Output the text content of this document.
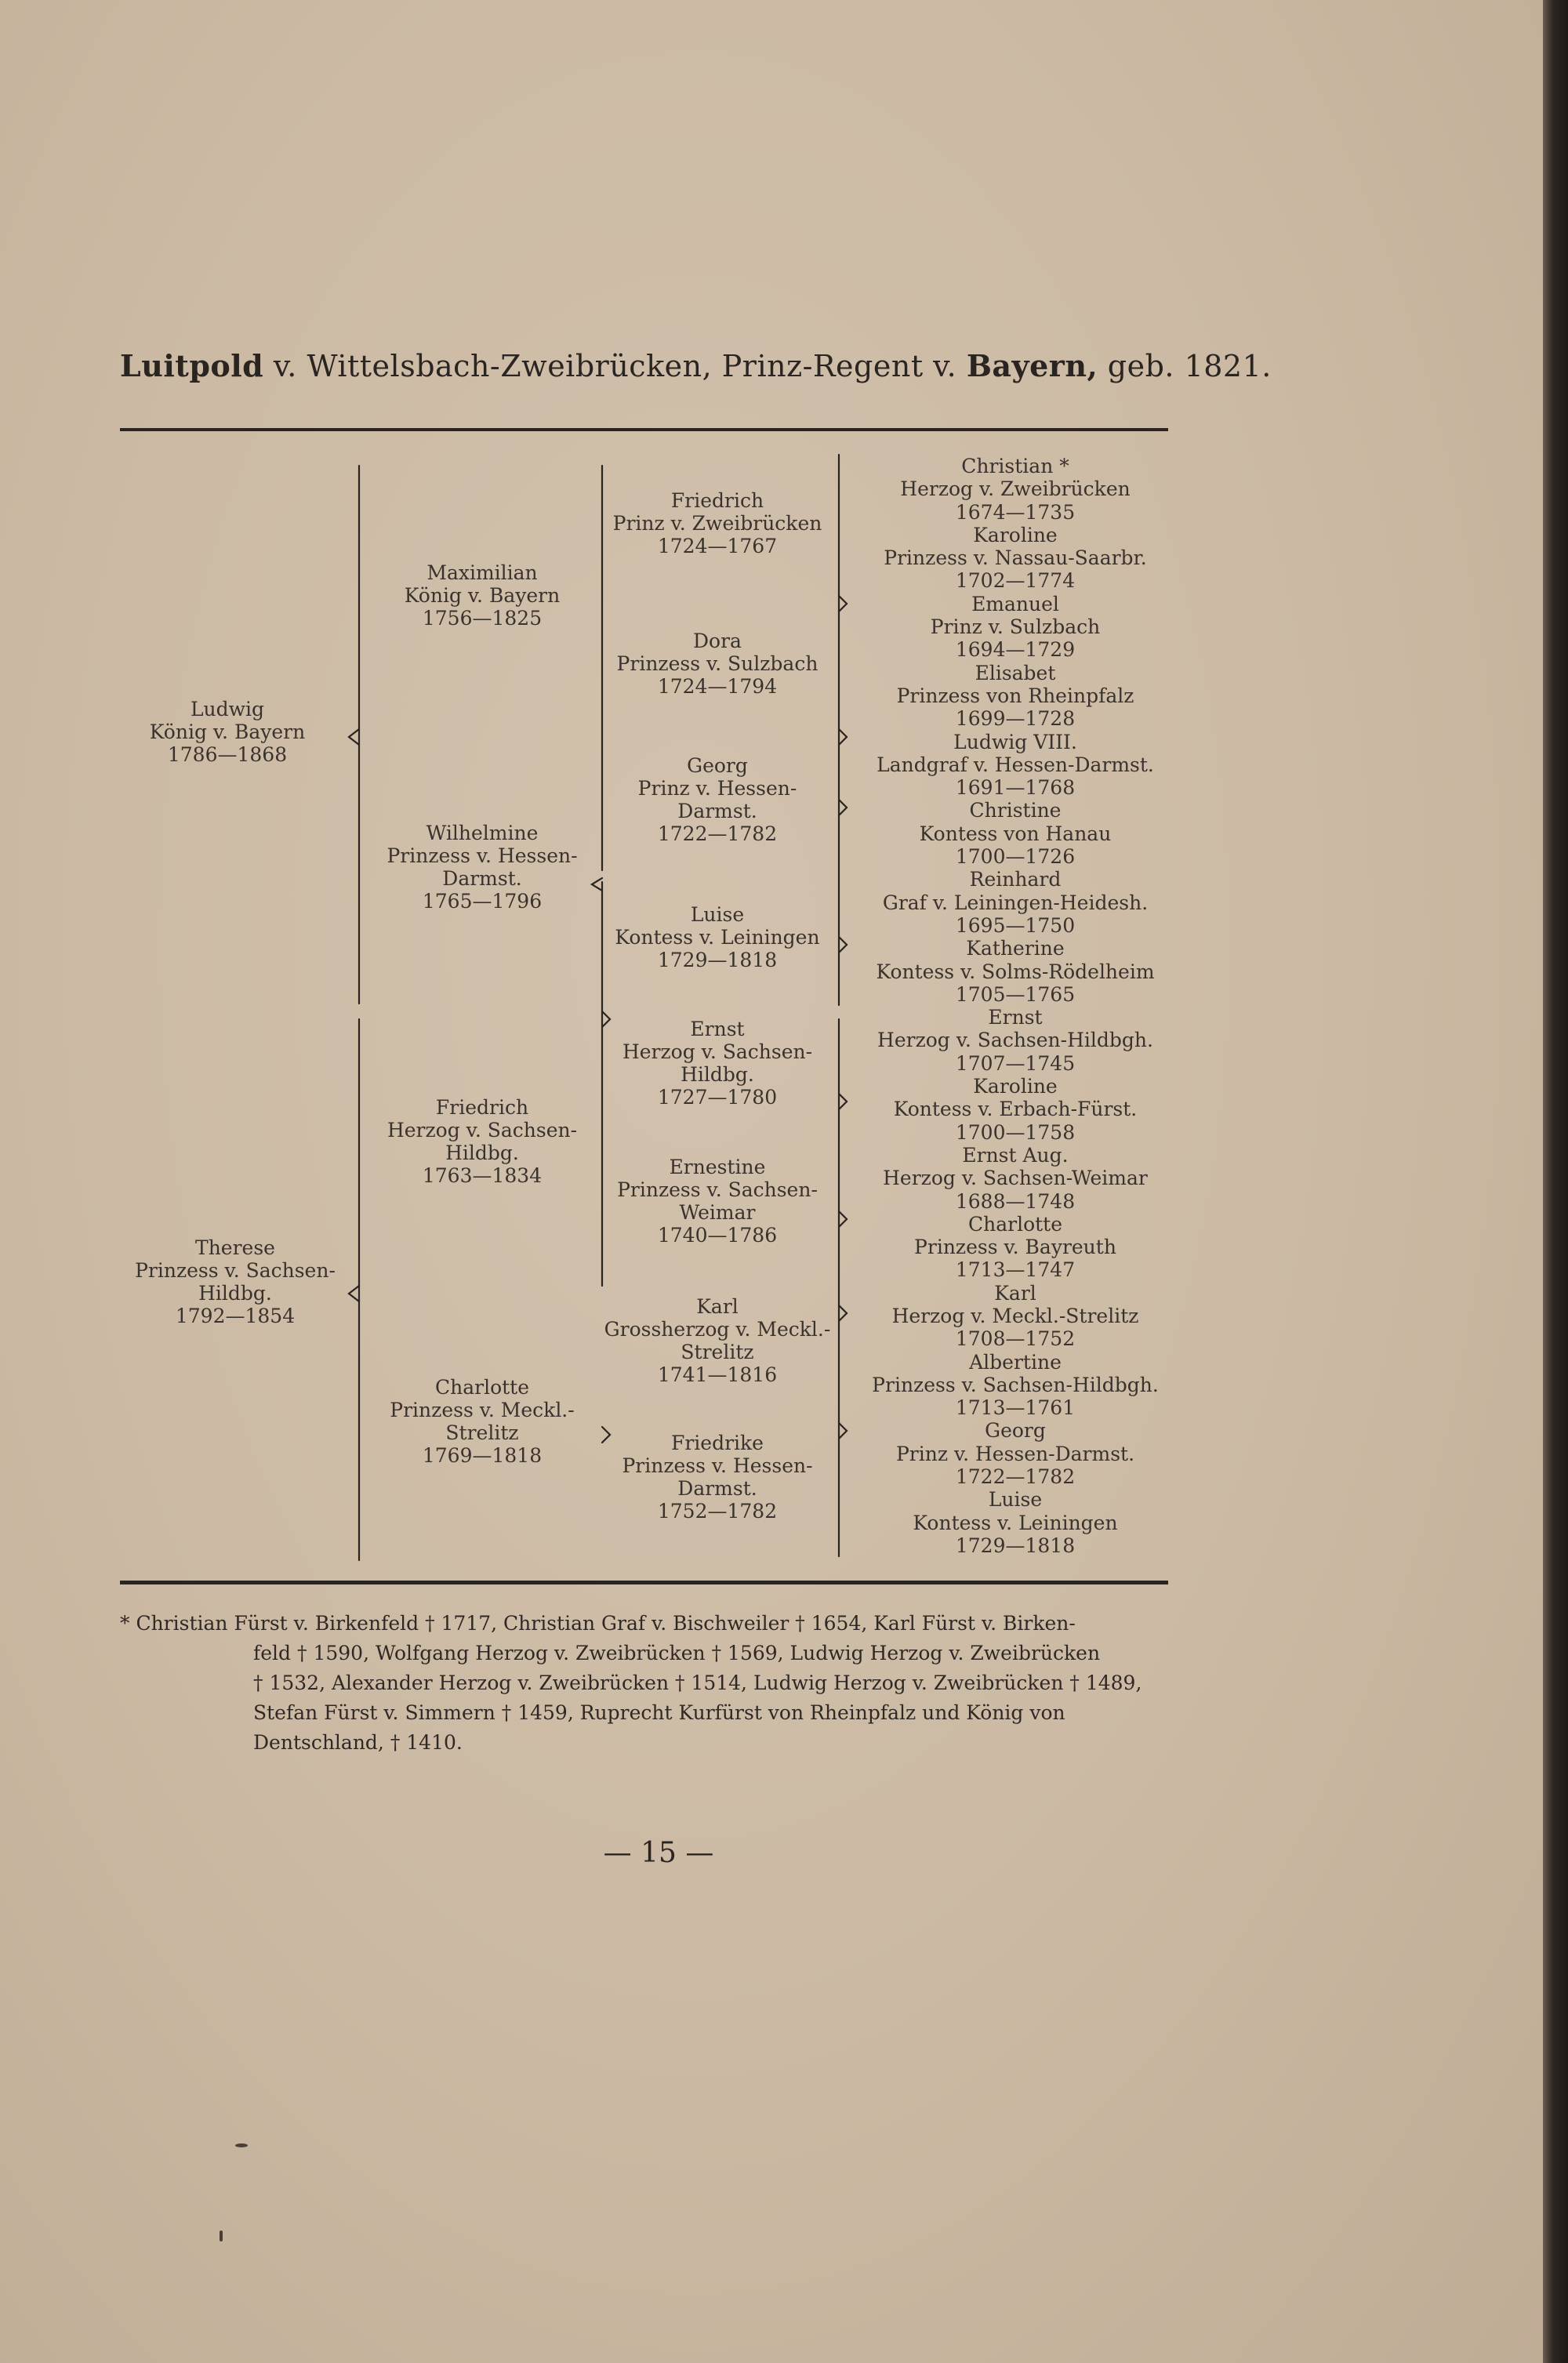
Luitpold v. Wittelsbach-Zweibrücken, Prinz-Regent v. Bayern, geb. 1821.
Ludwig
König v. Bayern
1786—1868
Therese
Prinzess v. Sachsen-
Hildbg.
1792—1854
Maximilian
König v. Bayern
1756—1825
Wilhelmine
Prinzess v. Hessen-
Darmst.
1765—1796
Friedrich
Herzog v. Sachsen-
Hildbg.
1763—1834
Charlotte
Prinzess v. Meckl.-
Strelitz
1769—1818
Friedrich
Prinz v. Zweibrücken
1724—1767
Dora
Prinzess v. Sulzbach
1724—1794
Georg
Prinz v. Hessen-
Darmst.
1722—1782
Luise
Kontess v. Leiningen
1729—1818
Ernst
Herzog v. Sachsen-
Hildbg.
1727—1780
Ernestine
Prinzess v. Sachsen-
Weimar
1740—1786
Karl
Grossherzog v. Meckl.-
Strelitz
1741—1816
Friedrike
Prinzess v. Hessen-
Darmst.
1752—1782
Christian *
Herzog v. Zweibrücken
1674—1735
Karoline
Prinzess v. Nassau-Saarbr.
1702—1774
Emanuel
Prinz v. Sulzbach
1694—1729
Elisabet
Prinzess von Rheinpfalz
1699—1728
Ludwig VIII.
Landgraf v. Hessen-Darmst.
1691—1768
Christine
Kontess von Hanau
1700—1726
Reinhard
Graf v. Leiningen-Heidesh.
1695—1750
Katherine
Kontess v. Solms-Rödelheim
1705—1765
Ernst
Herzog v. Sachsen-Hildbgh.
1707—1745
Karoline
Kontess v. Erbach-Fürst.
1700—1758
Ernst Aug.
Herzog v. Sachsen-Weimar
1688—1748
Charlotte
Prinzess v. Bayreuth
1713—1747
Karl
Herzog v. Meckl.-Strelitz
1708—1752
Albertine
Prinzess v. Sachsen-Hildbgh.
1713—1761
Georg
Prinz v. Hessen-Darmst.
1722—1782
Luise
Kontess v. Leiningen
1729—1818
* Christian Fürst v. Birkenfeld † 1717, Christian Graf v. Bischweiler † 1654, Karl Fürst v. Birken-
feld † 1590, Wolfgang Herzog v. Zweibrücken † 1569, Ludwig Herzog v. Zweibrücken
† 1532, Alexander Herzog v. Zweibrücken † 1514, Ludwig Herzog v. Zweibrücken † 1489,
Stefan Fürst v. Simmern † 1459, Ruprecht Kurfürst von Rheinpfalz und König von
Dentschland, † 1410.
— 15 —
